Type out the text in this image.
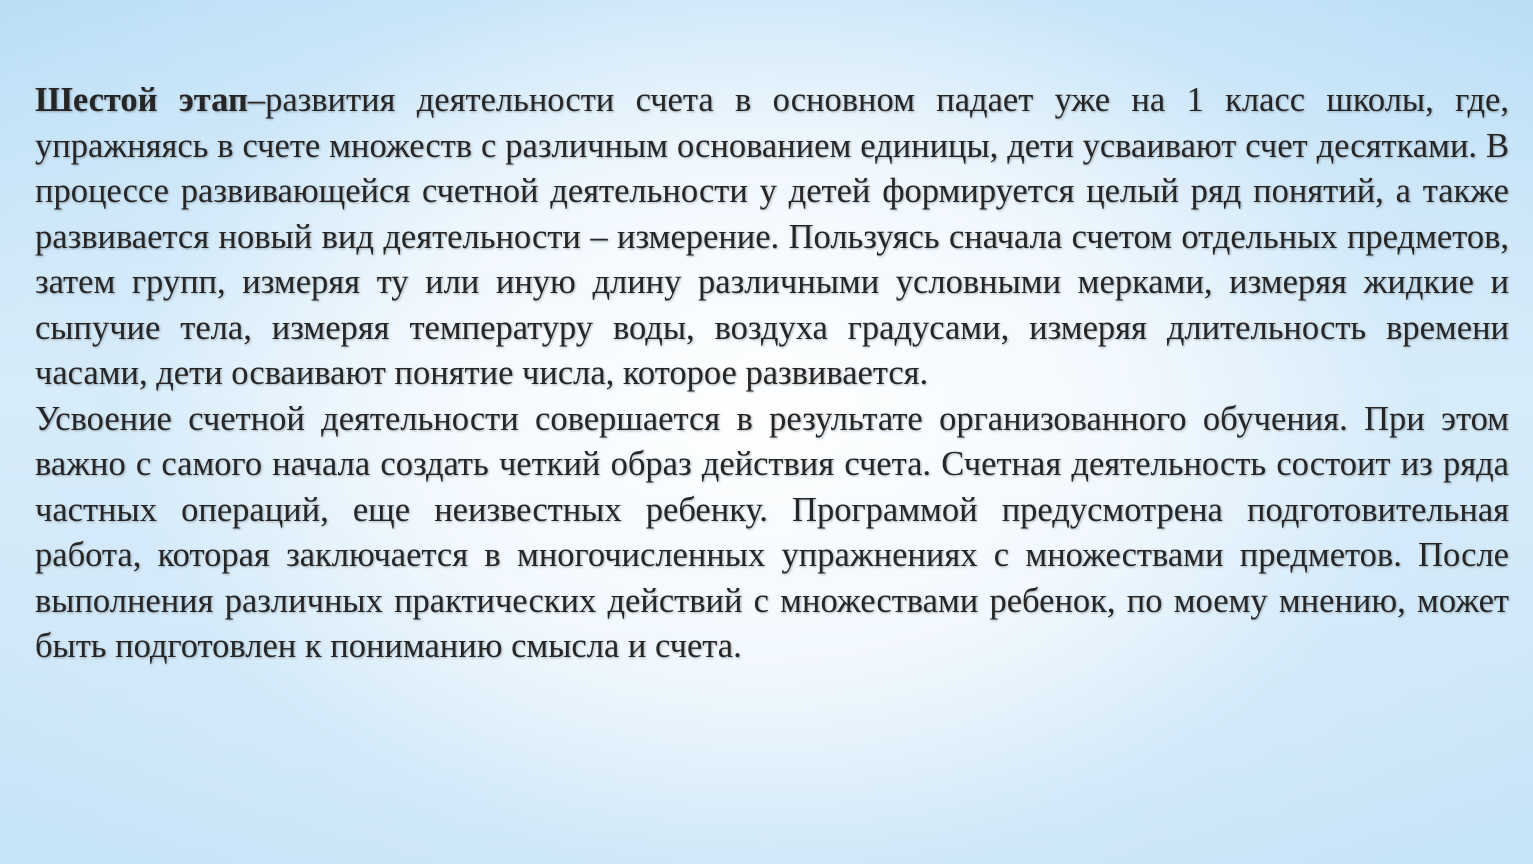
Шестой этап–развития деятельности счета в основном падает уже на 1 класс школы, где, упражняясь в счете множеств с различным основанием единицы, дети усваивают счет десятками. В процессе развивающейся счетной деятельности у детей формируется целый ряд понятий, а также развивается новый вид деятельности – измерение. Пользуясь сначала счетом отдельных предметов, затем групп, измеряя ту или иную длину различными условными мерками, измеряя жидкие и сыпучие тела, измеряя температуру воды, воздуха градусами, измеряя длительность времени часами, дети осваивают понятие числа, которое развивается.

Усвоение счетной деятельности совершается в результате организованного обучения. При этом важно с самого начала создать четкий образ действия счета. Счетная деятельность состоит из ряда частных операций, еще неизвестных ребенку. Программой предусмотрена подготовительная работа, которая заключается в многочисленных упражнениях с множествами предметов. После выполнения различных практических действий с множествами ребенок, по моему мнению, может быть подготовлен к пониманию смысла и счета.
